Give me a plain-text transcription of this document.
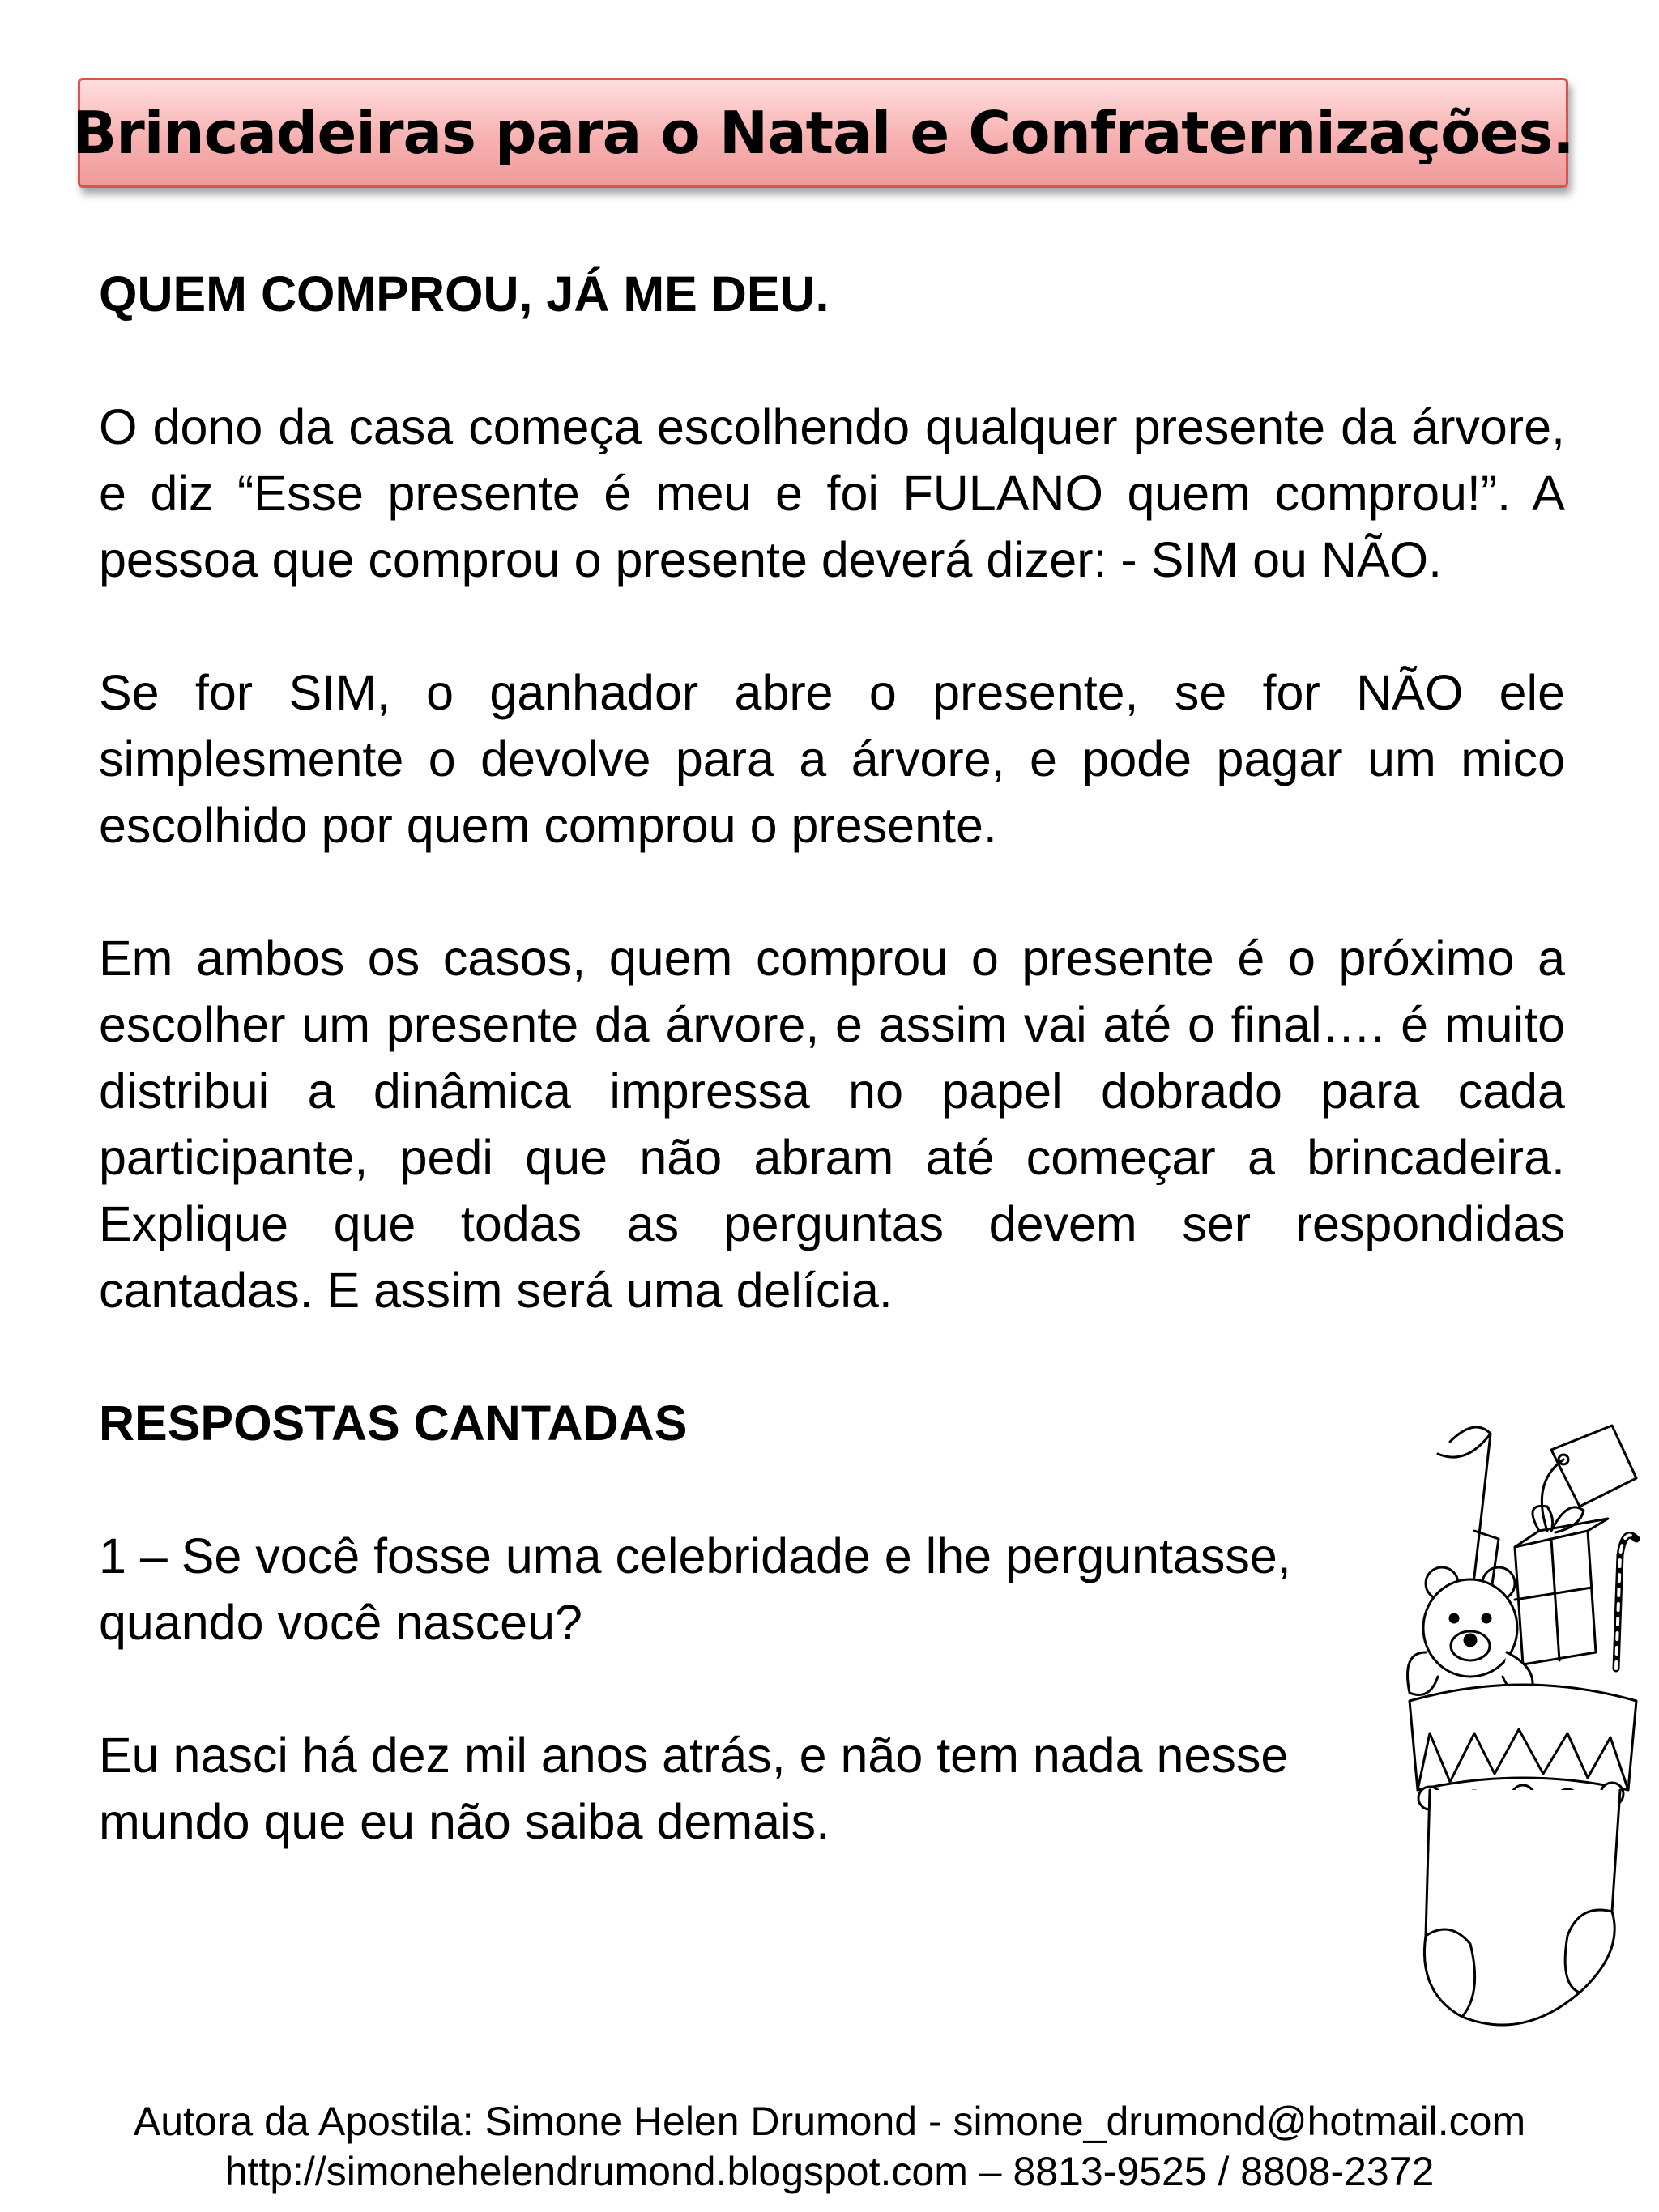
Brincadeiras para o Natal e Confraternizações.
QUEM COMPROU, JÁ ME DEU.

O dono da casa começa escolhendo qualquer presente da árvore, e diz “Esse presente é meu e foi FULANO quem comprou!”. A pessoa que comprou o presente deverá dizer: - SIM ou NÃO.

Se for SIM, o ganhador abre o presente, se for NÃO ele simplesmente o devolve para a árvore, e pode pagar um mico escolhido por quem comprou o presente.

Em ambos os casos, quem comprou o presente é o próximo a escolher um presente da árvore, e assim vai até o final…. é muito distribui a dinâmica impressa no papel dobrado para cada participante, pedi que não abram até começar a brincadeira. Explique que todas as perguntas devem ser respondidas cantadas. E assim será uma delícia.

RESPOSTAS CANTADAS

1 – Se você fosse uma celebridade e lhe perguntasse, quando você nasceu?

Eu nasci há dez mil anos atrás, e não tem nada nesse mundo que eu não saiba demais.

Autora da Apostila: Simone Helen Drumond - simone_drumond@hotmail.com
http://simonehelendrumond.blogspot.com – 8813-9525 / 8808-2372
